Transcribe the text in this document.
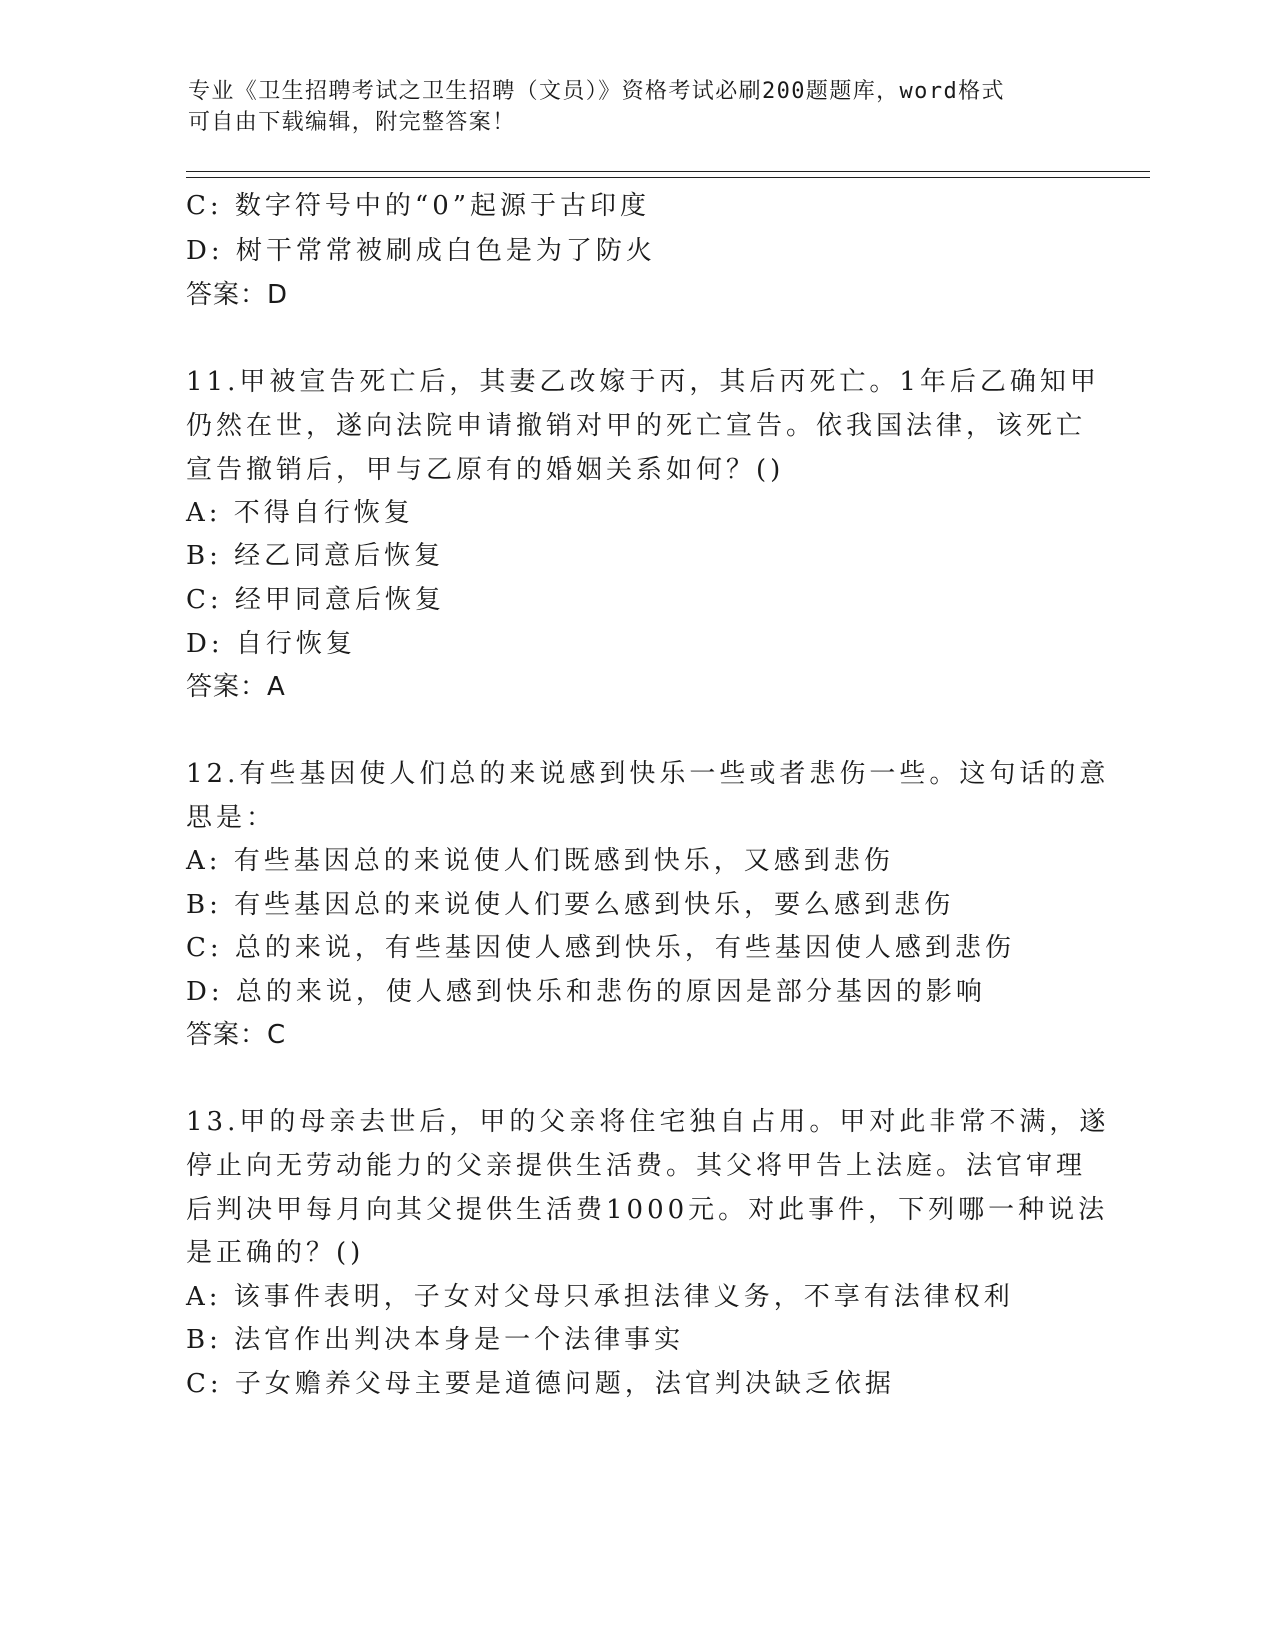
专业《卫生招聘考试之卫生招聘（文员）》资格考试必刷200题题库，word格式
可自由下载编辑，附完整答案！
C: 数字符号中的“0”起源于古印度
D: 树干常常被刷成白色是为了防火
答案：D
11.甲被宣告死亡后，其妻乙改嫁于丙，其后丙死亡。1年后乙确知甲
仍然在世，遂向法院申请撤销对甲的死亡宣告。依我国法律，该死亡
宣告撤销后，甲与乙原有的婚姻关系如何？()
A: 不得自行恢复
B: 经乙同意后恢复
C: 经甲同意后恢复
D: 自行恢复
答案：A
12.有些基因使人们总的来说感到快乐一些或者悲伤一些。这句话的意
思是：
A: 有些基因总的来说使人们既感到快乐，又感到悲伤
B: 有些基因总的来说使人们要么感到快乐，要么感到悲伤
C: 总的来说，有些基因使人感到快乐，有些基因使人感到悲伤
D: 总的来说，使人感到快乐和悲伤的原因是部分基因的影响
答案：C
13.甲的母亲去世后，甲的父亲将住宅独自占用。甲对此非常不满，遂
停止向无劳动能力的父亲提供生活费。其父将甲告上法庭。法官审理
后判决甲每月向其父提供生活费1000元。对此事件，下列哪一种说法
是正确的？()
A: 该事件表明，子女对父母只承担法律义务，不享有法律权利
B: 法官作出判决本身是一个法律事实
C: 子女赡养父母主要是道德问题，法官判决缺乏依据
